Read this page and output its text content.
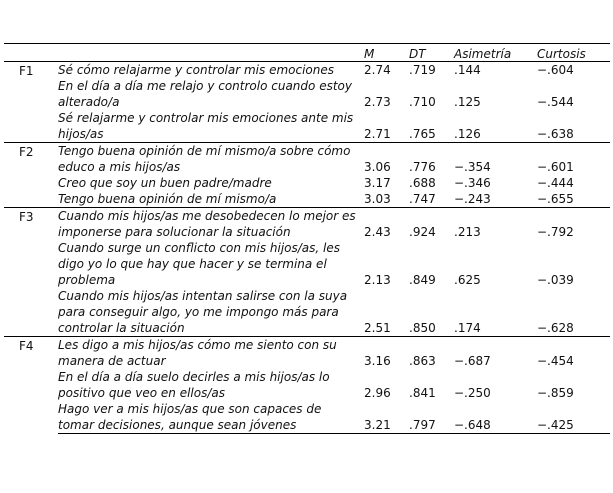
		M	DT	Asimetría	Curtosis
F1	Sé cómo relajarme y controlar mis emociones	2.74	.719	.144	−.604
	En el día a día me relajo y controlo cuando estoy alterado/a	2.73	.710	.125	−.544
	Sé relajarme y controlar mis emociones ante mis hijos/as	2.71	.765	.126	−.638
F2	Tengo buena opinión de mí mismo/a sobre cómo educo a mis hijos/as	3.06	.776	−.354	−.601
	Creo que soy un buen padre/madre	3.17	.688	−.346	−.444
	Tengo buena opinión de mí mismo/a	3.03	.747	−.243	−.655
F3	Cuando mis hijos/as me desobedecen lo mejor es imponerse para solucionar la situación	2.43	.924	.213	−.792
	Cuando surge un conflicto con mis hijos/as, les digo yo lo que hay que hacer y se termina el problema	2.13	.849	.625	−.039
	Cuando mis hijos/as intentan salirse con la suya para conseguir algo, yo me impongo más para controlar la situación	2.51	.850	.174	−.628
F4	Les digo a mis hijos/as cómo me siento con su manera de actuar	3.16	.863	−.687	−.454
	En el día a día suelo decirles a mis hijos/as lo positivo que veo en ellos/as	2.96	.841	−.250	−.859
	Hago ver a mis hijos/as que son capaces de tomar decisiones, aunque sean jóvenes	3.21	.797	−.648	−.425
